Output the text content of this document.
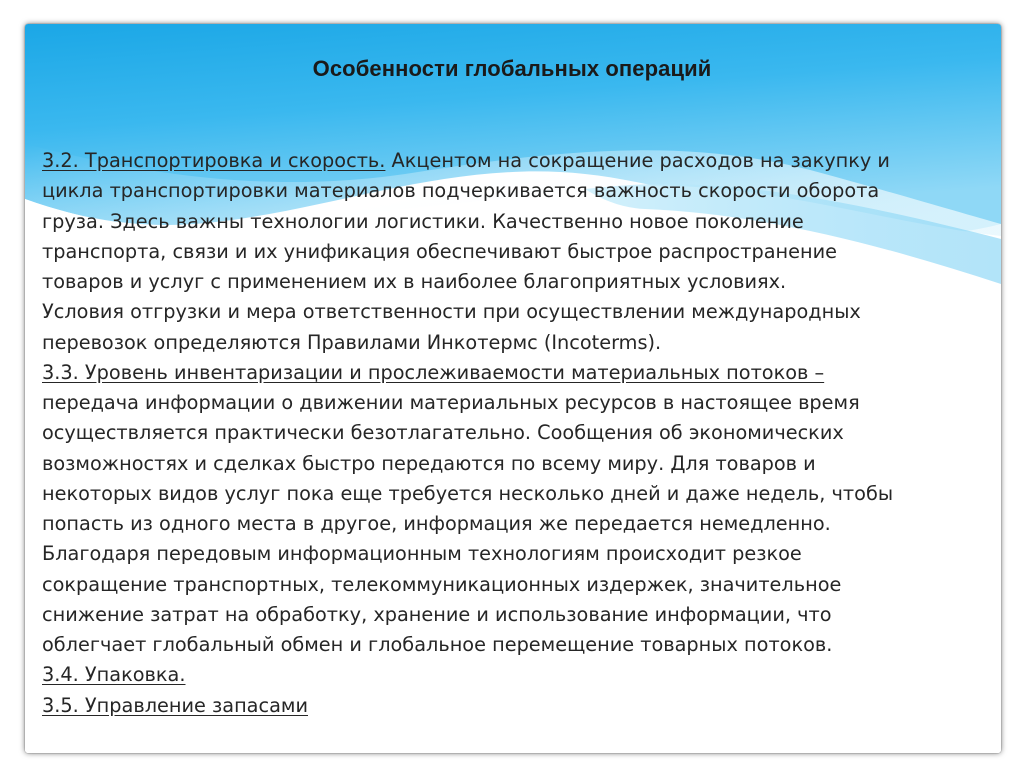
Особенности глобальных операций
3.2. Транспортировка и скорость. Акцентом на сокращение расходов на закупку и
цикла транспортировки материалов подчеркивается важность скорости оборота
груза. Здесь важны технологии логистики. Качественно новое поколение
транспорта, связи и их унификация обеспечивают быстрое распространение
товаров и услуг с применением их в наиболее благоприятных условиях.
Условия отгрузки и мера ответственности при осуществлении международных
перевозок определяются Правилами Инкотермс (Incoterms).
3.3. Уровень инвентаризации и прослеживаемости материальных потоков –
передача информации о движении материальных ресурсов в настоящее время
осуществляется практически безотлагательно. Сообщения об экономических
возможностях и сделках быстро передаются по всему миру. Для товаров и
некоторых видов услуг пока еще требуется несколько дней и даже недель, чтобы
попасть из одного места в другое, информация же передается немедленно.
Благодаря передовым информационным технологиям происходит резкое
сокращение транспортных, телекоммуникационных издержек, значительное
снижение затрат на обработку, хранение и использование информации, что
облегчает глобальный обмен и глобальное перемещение товарных потоков.
3.4. Упаковка.
3.5. Управление запасами
